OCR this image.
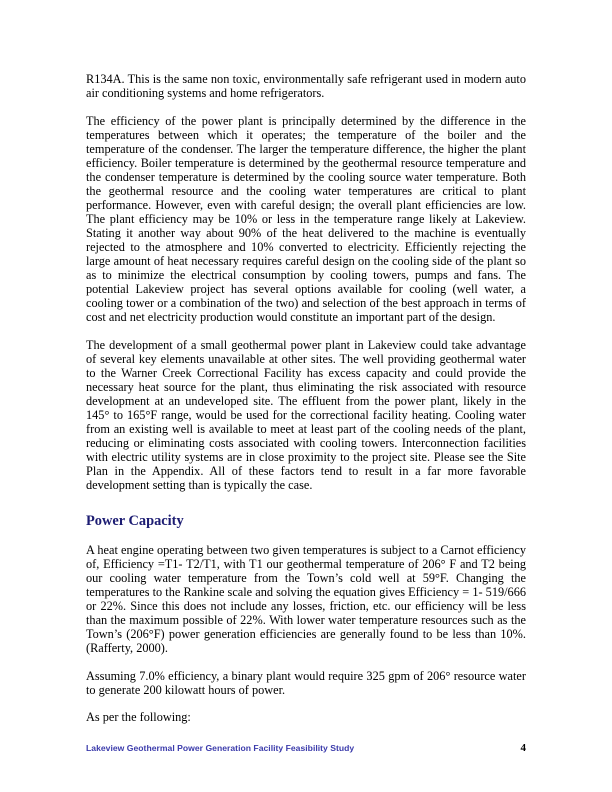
R134A. This is the same non toxic, environmentally safe refrigerant used in modern auto air conditioning systems and home refrigerators.

The efficiency of the power plant is principally determined by the difference in the temperatures between which it operates; the temperature of the boiler and the temperature of the condenser. The larger the temperature difference, the higher the plant efficiency. Boiler temperature is determined by the geothermal resource temperature and the condenser temperature is determined by the cooling source water temperature. Both the geothermal resource and the cooling water temperatures are critical to plant performance. However, even with careful design; the overall plant efficiencies are low. The plant efficiency may be 10% or less in the temperature range likely at Lakeview. Stating it another way about 90% of the heat delivered to the machine is eventually rejected to the atmosphere and 10% converted to electricity. Efficiently rejecting the large amount of heat necessary requires careful design on the cooling side of the plant so as to minimize the electrical consumption by cooling towers, pumps and fans. The potential Lakeview project has several options available for cooling (well water, a cooling tower or a combination of the two) and selection of the best approach in terms of cost and net electricity production would constitute an important part of the design.

The development of a small geothermal power plant in Lakeview could take advantage of several key elements unavailable at other sites. The well providing geothermal water to the Warner Creek Correctional Facility has excess capacity and could provide the necessary heat source for the plant, thus eliminating the risk associated with resource development at an undeveloped site. The effluent from the power plant, likely in the 145° to 165°F range, would be used for the correctional facility heating. Cooling water from an existing well is available to meet at least part of the cooling needs of the plant, reducing or eliminating costs associated with cooling towers. Interconnection facilities with electric utility systems are in close proximity to the project site. Please see the Site Plan in the Appendix. All of these factors tend to result in a far more favorable development setting than is typically the case.

Power Capacity

A heat engine operating between two given temperatures is subject to a Carnot efficiency of, Efficiency =T1- T2/T1, with T1 our geothermal temperature of 206° F and T2 being our cooling water temperature from the Town’s cold well at 59°F. Changing the temperatures to the Rankine scale and solving the equation gives Efficiency = 1- 519/666 or 22%. Since this does not include any losses, friction, etc. our efficiency will be less than the maximum possible of 22%. With lower water temperature resources such as the Town’s (206°F) power generation efficiencies are generally found to be less than 10%. (Rafferty, 2000).

Assuming 7.0% efficiency, a binary plant would require 325 gpm of 206° resource water to generate 200 kilowatt hours of power.

As per the following:

Lakeview Geothermal Power Generation Facility Feasibility Study	4
